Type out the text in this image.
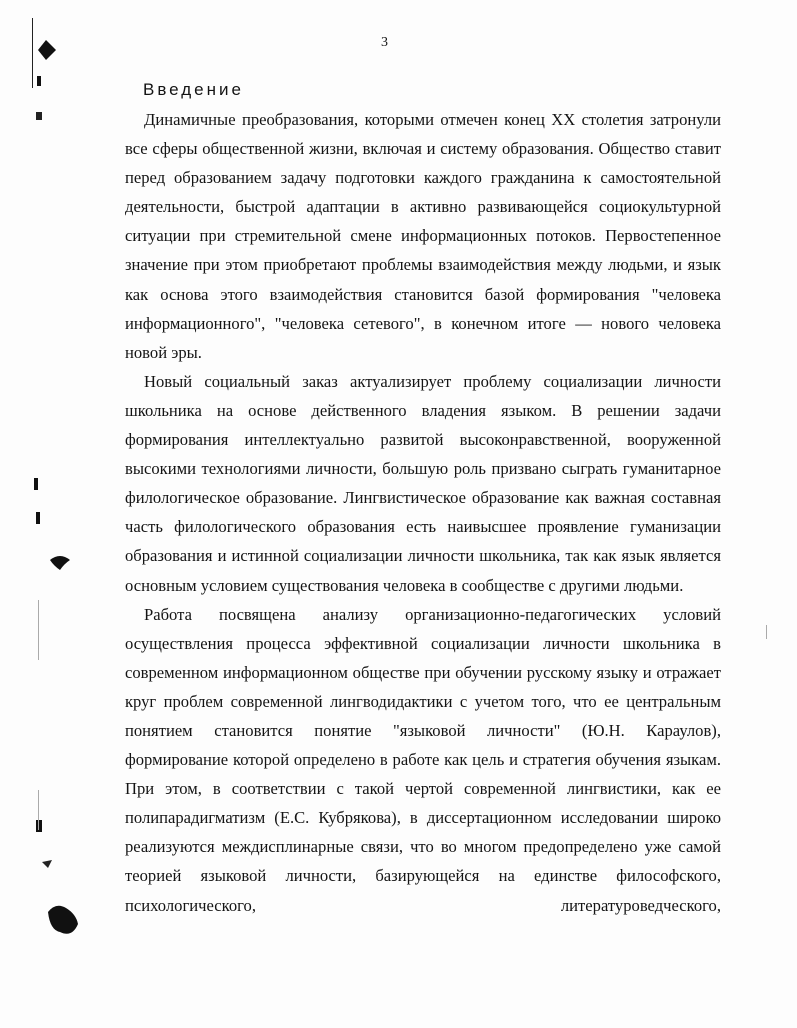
3
Введение

Динамичные преобразования, которыми отмечен конец XX столетия затронули все сферы общественной жизни, включая и систему образования. Общество ставит перед образованием задачу подготовки каждого гражданина к самостоятельной деятельности, быстрой адаптации в активно развивающейся социокультурной ситуации при стремительной смене информационных потоков. Первостепенное значение при этом приобретают проблемы взаимодействия между людьми, и язык как основа этого взаимодействия становится базой формирования "человека информационного", "человека сетевого", в конечном итоге — нового человека новой эры.

Новый социальный заказ актуализирует проблему социализации личности школьника на основе действенного владения языком. В решении задачи формирования интеллектуально развитой высоконравственной, вооруженной высокими технологиями личности, большую роль призвано сыграть гуманитарное филологическое образование. Лингвистическое образование как важная составная часть филологического образования есть наивысшее проявление гуманизации образования и истинной социализации личности школьника, так как язык является основным условием существования человека в сообществе с другими людьми.

Работа посвящена анализу организационно-педагогических условий осуществления процесса эффективной социализации личности школьника в современном информационном обществе при обучении русскому языку и отражает круг проблем современной лингводидактики с учетом того, что ее центральным понятием становится понятие "языковой личности" (Ю.Н. Караулов), формирование которой определено в работе как цель и стратегия обучения языкам. При этом, в соответствии с такой чертой современной лингвистики, как ее полипарадигматизм (Е.С. Кубрякова), в диссертационном исследовании широко реализуются междисплинарные связи, что во многом предопределено уже самой теорией языковой личности, базирующейся на единстве философского, психологического, литературоведческого,
